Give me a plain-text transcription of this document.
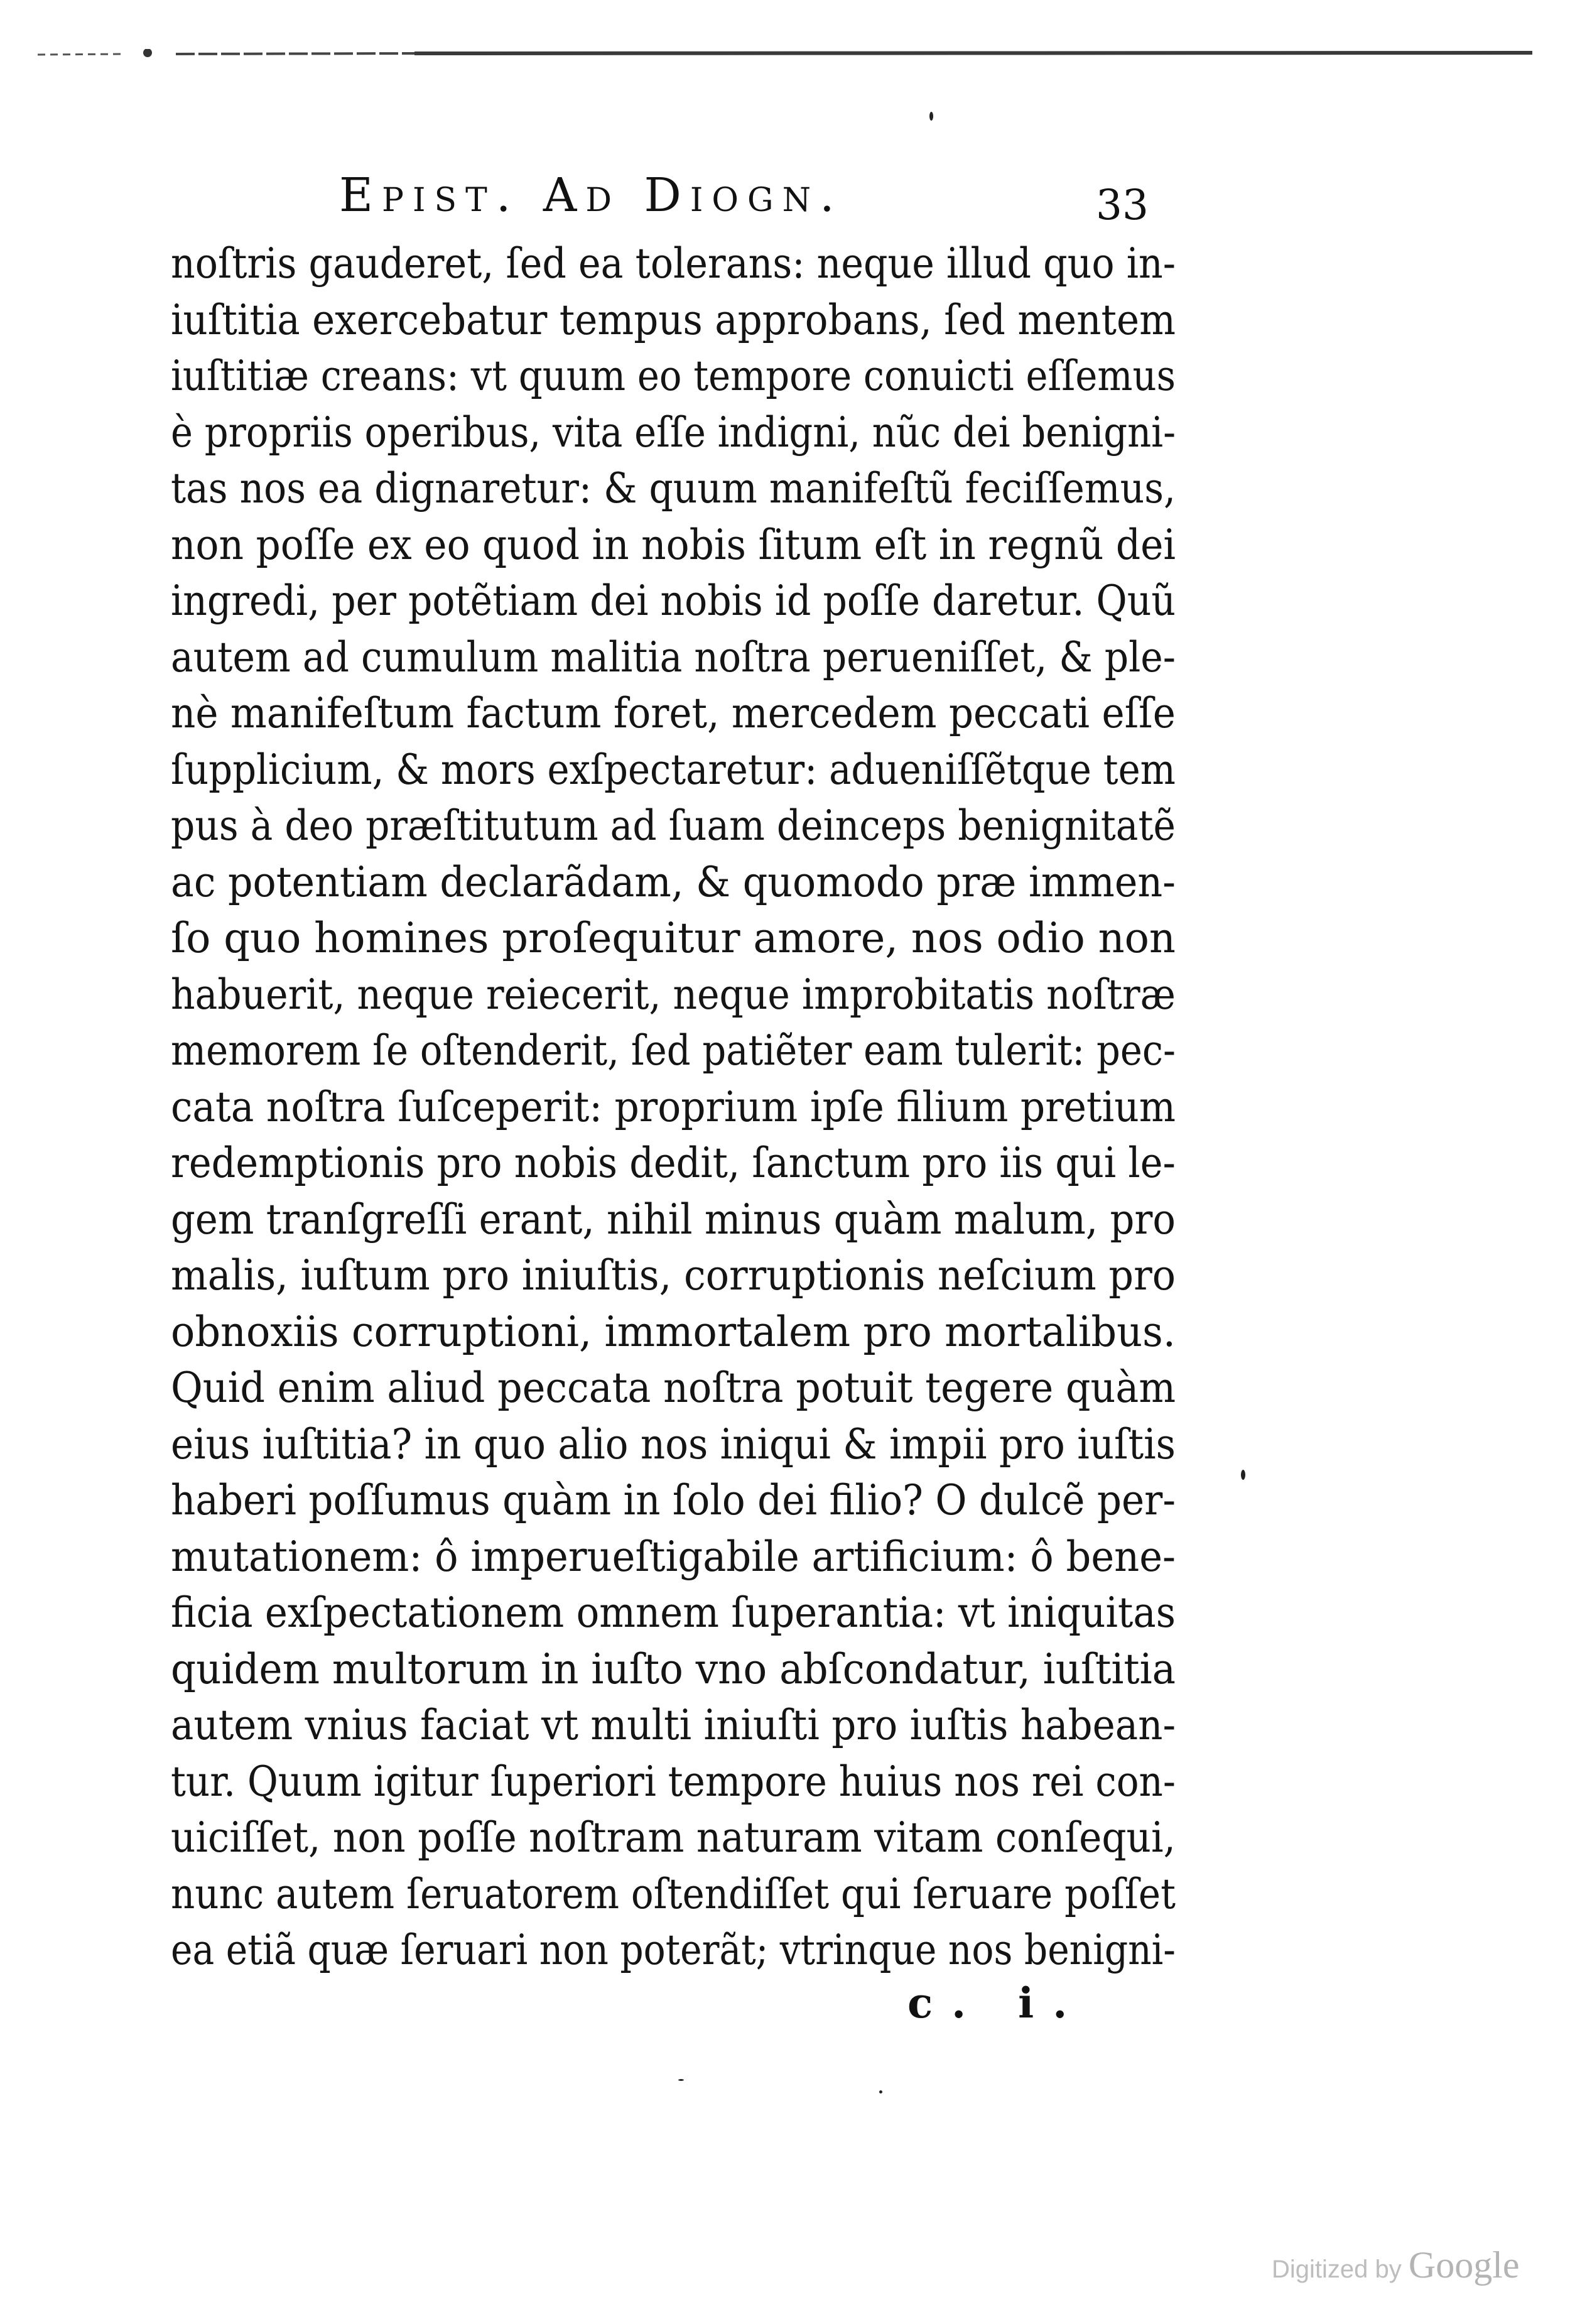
Epist. Ad Diogn.	33
noſtris gauderet, ſed ea tolerans: neque illud quo in-
iuſtitia exercebatur tempus approbans, ſed mentem
iuſtitiæ creans: vt quum eo tempore conuicti eſſemus
è propriis operibus, vita eſſe indigni, nũc dei benigni-
tas nos ea dignaretur: & quum manifeſtũ feciſſemus,
non poſſe ex eo quod in nobis ſitum eſt in regnũ dei
ingredi, per potẽtiam dei nobis id poſſe daretur. Quũ
autem ad cumulum malitia noſtra perueniſſet, & ple-
nè manifeſtum factum foret, mercedem peccati eſſe
ſupplicium, & mors exſpectaretur: adueniſſẽtque tem
pus à deo præſtitutum ad ſuam deinceps benignitatẽ
ac potentiam declarãdam, & quomodo præ immen-
ſo quo homines proſequitur amore, nos odio non
habuerit, neque reiecerit, neque improbitatis noſtræ
memorem ſe oſtenderit, ſed patiẽter eam tulerit: pec-
cata noſtra ſuſceperit: proprium ipſe filium pretium
redemptionis pro nobis dedit, ſanctum pro iis qui le-
gem tranſgreſſi erant, nihil minus quàm malum, pro
malis, iuſtum pro iniuſtis, corruptionis neſcium pro
obnoxiis corruptioni, immortalem pro mortalibus.
Quid enim aliud peccata noſtra potuit tegere quàm
eius iuſtitia? in quo alio nos iniqui & impii pro iuſtis
haberi poſſumus quàm in ſolo dei filio? O dulcẽ per-
mutationem: ô imperueſtigabile artificium: ô bene-
ficia exſpectationem omnem ſuperantia: vt iniquitas
quidem multorum in iuſto vno abſcondatur, iuſtitia
autem vnius faciat vt multi iniuſti pro iuſtis habean-
tur. Quum igitur ſuperiori tempore huius nos rei con-
uiciſſet, non poſſe noſtram naturam vitam conſequi,
nunc autem ſeruatorem oſtendiſſet qui ſeruare poſſet
ea etiã quæ ſeruari non poterãt; vtrinque nos benigni-
c. i.
Digitized by Google
